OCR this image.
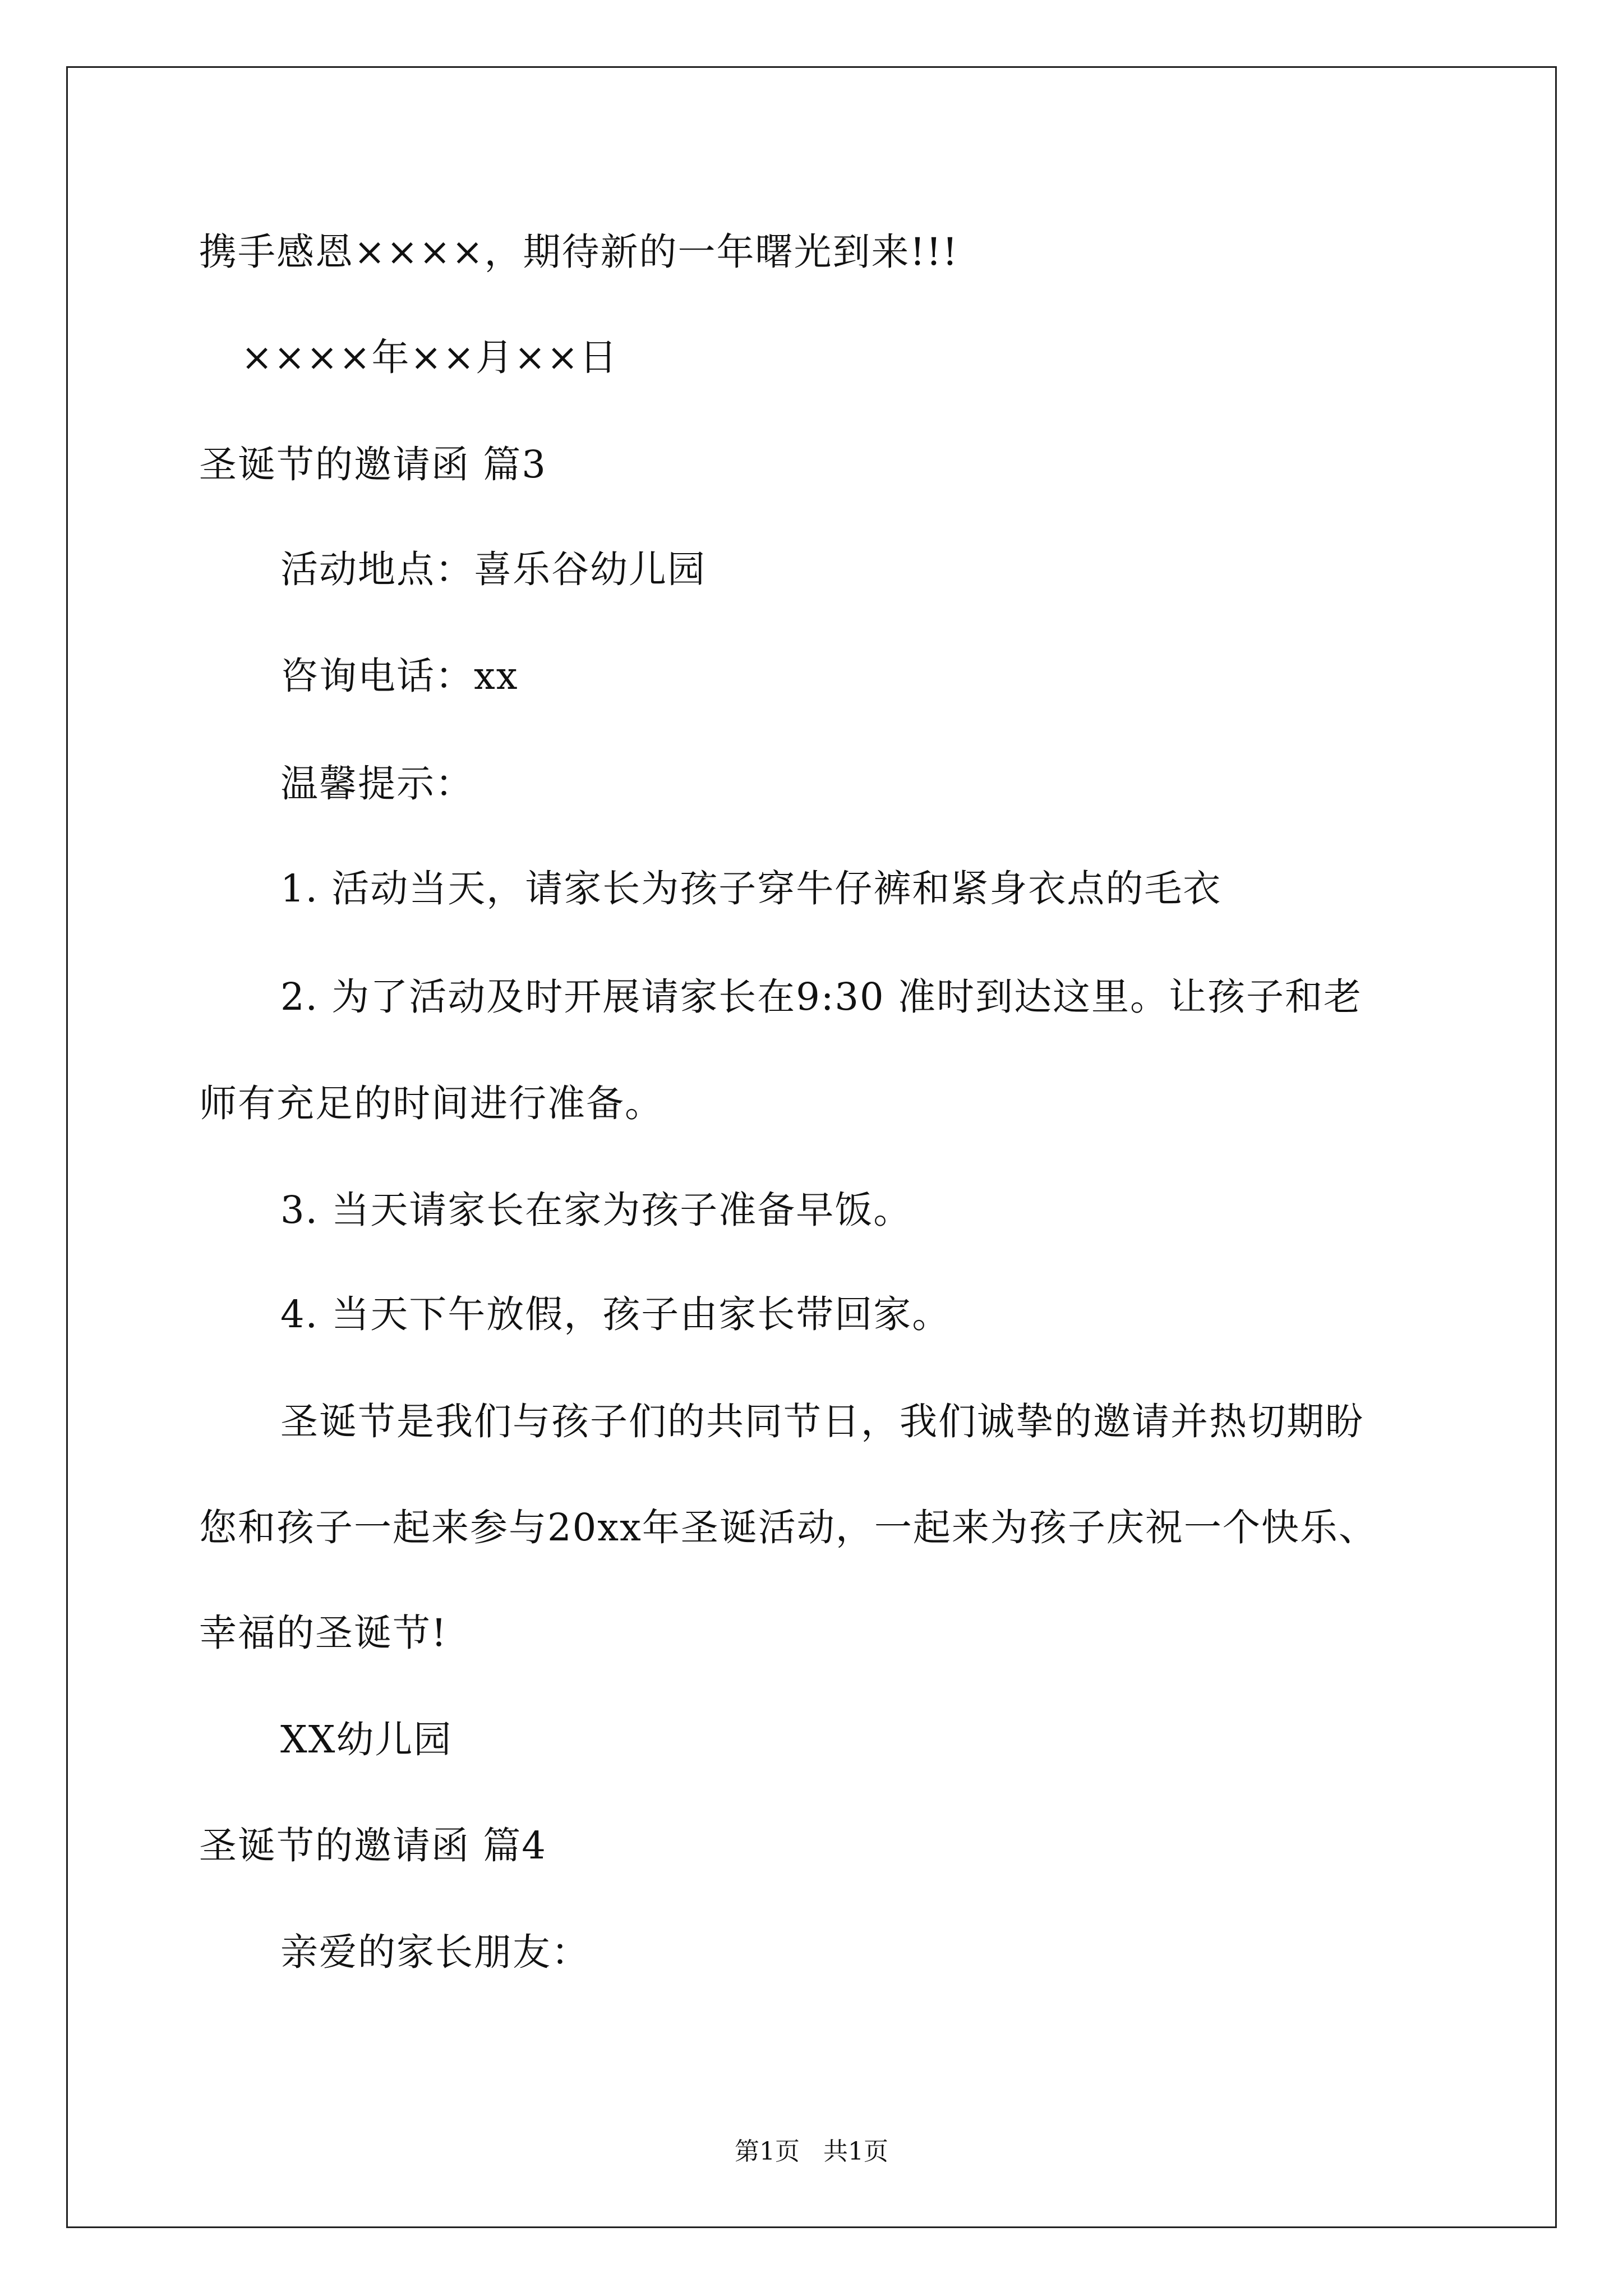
携手感恩××××，期待新的一年曙光到来!!!
××××年××月××日
圣诞节的邀请函 篇3
活动地点：喜乐谷幼儿园
咨询电话：xx
温馨提示：
1. 活动当天，请家长为孩子穿牛仔裤和紧身衣点的毛衣
2. 为了活动及时开展请家长在9:30 准时到达这里。让孩子和老
师有充足的时间进行准备。
3. 当天请家长在家为孩子准备早饭。
4. 当天下午放假，孩子由家长带回家。
圣诞节是我们与孩子们的共同节日，我们诚挚的邀请并热切期盼
您和孩子一起来参与20xx年圣诞活动，一起来为孩子庆祝一个快乐、
幸福的圣诞节!
XX幼儿园
圣诞节的邀请函 篇4
亲爱的家长朋友：
第1页   共1页
